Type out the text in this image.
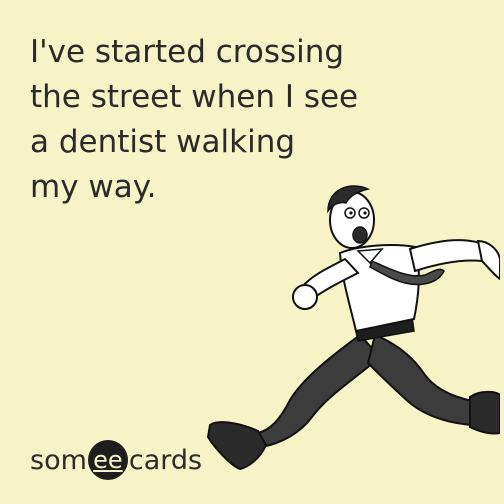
I've started crossing
the street when I see
a dentist walking
my way.
som ee cards
